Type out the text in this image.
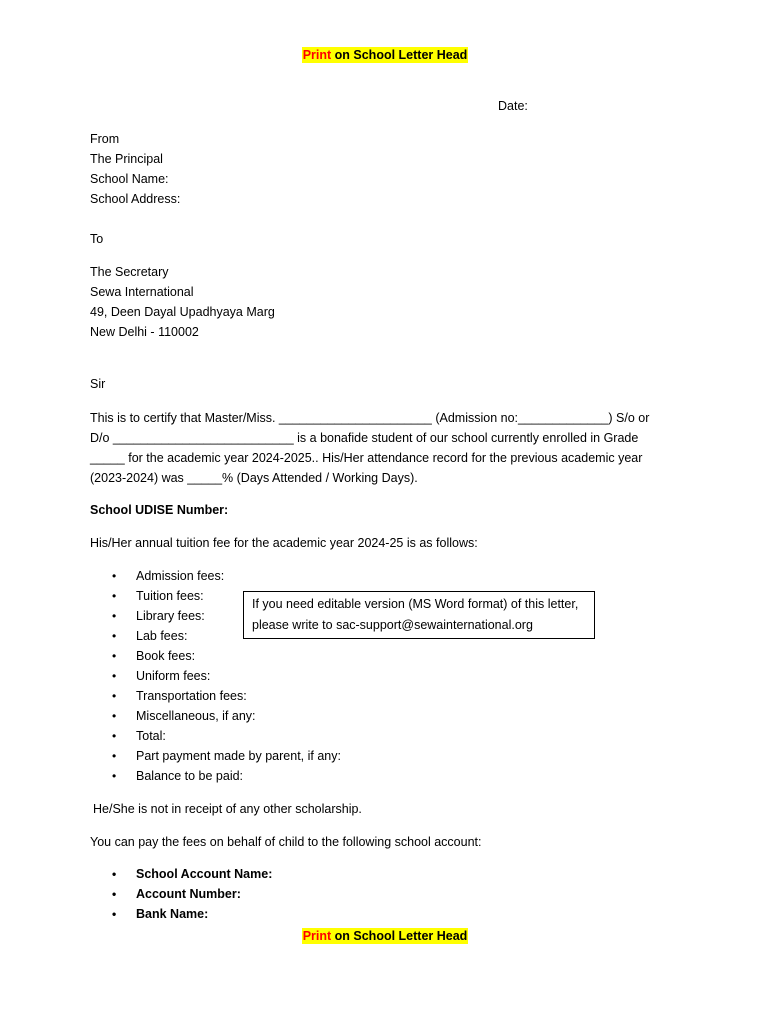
Print on School Letter Head
Date:
From
The Principal
School Name:
School Address:
To
The Secretary
Sewa International
49, Deen Dayal Upadhyaya Marg
New Delhi - 110002
Sir
This is to certify that Master/Miss. ______________________ (Admission no:_____________) S/o or D/o __________________________ is a bonafide student of our school currently enrolled in Grade _____ for the academic year 2024-2025.. His/Her attendance record for the previous academic year (2023-2024) was _____% (Days Attended / Working Days).
School UDISE Number:
His/Her annual tuition fee for the academic year 2024-25 is as follows:
• Admission fees:
• Tuition fees:
• Library fees:
• Lab fees:
• Book fees:
• Uniform fees:
• Transportation fees:
• Miscellaneous, if any:
• Total:
• Part payment made by parent, if any:
• Balance to be paid:
If you need editable version (MS Word format) of this letter, please write to sac-support@sewainternational.org
He/She is not in receipt of any other scholarship.
You can pay the fees on behalf of child to the following school account:
• School Account Name:
• Account Number:
• Bank Name:
Print on School Letter Head
